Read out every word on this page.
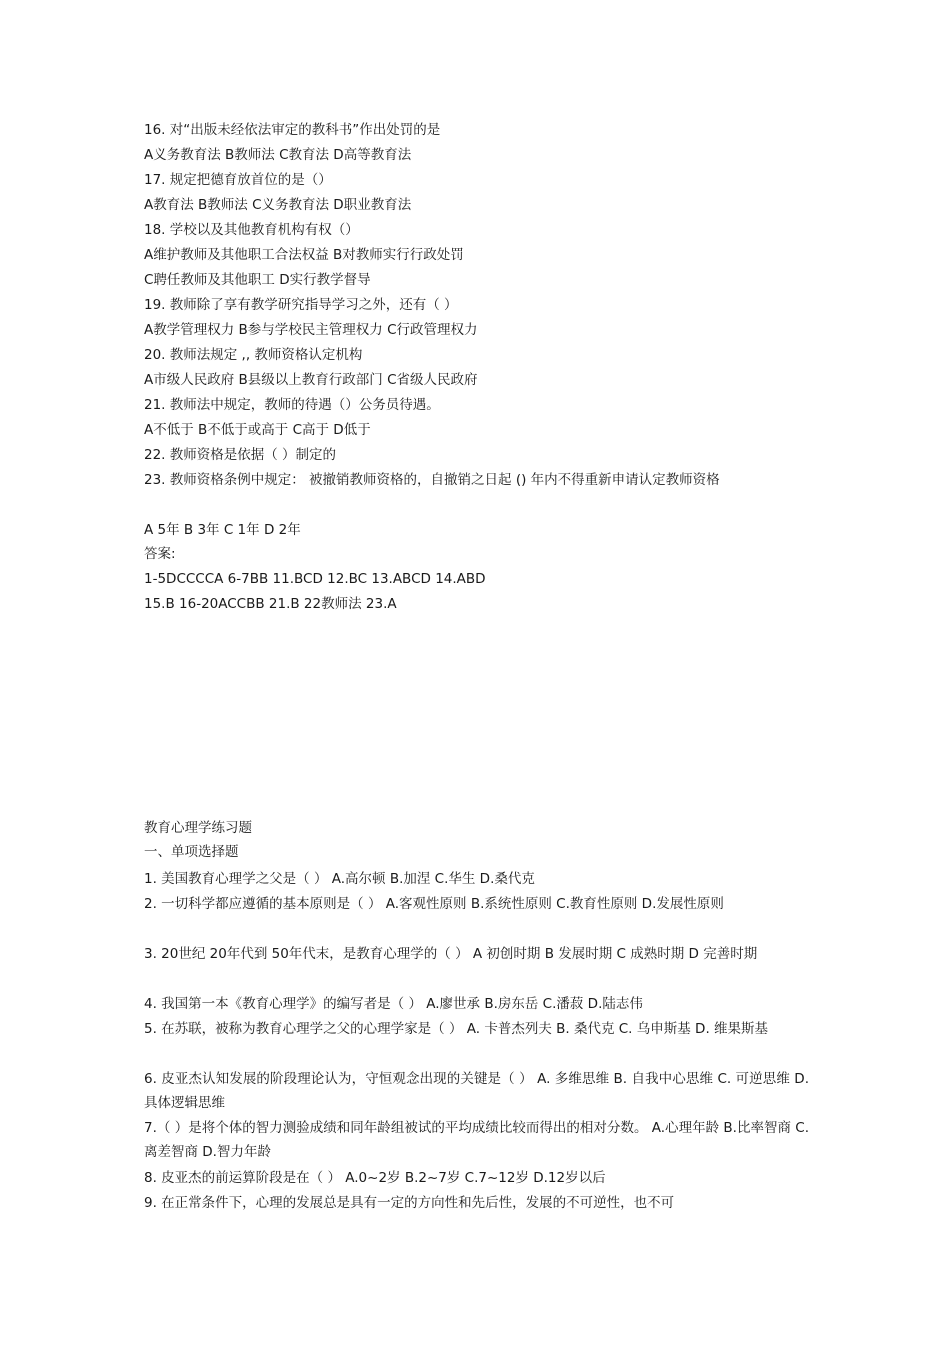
16. 对“出版未经依法审定的教科书”作出处罚的是
A义务教育法 B教师法 C教育法 D高等教育法
17. 规定把德育放首位的是（）
A教育法 B教师法 C义务教育法 D职业教育法
18. 学校以及其他教育机构有权（）
A维护教师及其他职工合法权益 B对教师实行行政处罚
C聘任教师及其他职工 D实行教学督导
19. 教师除了享有教学研究指导学习之外，还有（ ）
A教学管理权力 B参与学校民主管理权力 C行政管理权力
20. 教师法规定 ,, 教师资格认定机构
A市级人民政府 B县级以上教育行政部门 C省级人民政府
21. 教师法中规定，教师的待遇（）公务员待遇。
A不低于 B不低于或高于 C高于 D低于
22. 教师资格是依据（ ）制定的
23. 教师资格条例中规定： 被撤销教师资格的，自撤销之日起 () 年内不得重新申请认定教师资格
A 5年 B 3年 C 1年 D 2年
答案:
1-5DCCCCA 6-7BB 11.BCD 12.BC 13.ABCD 14.ABD
15.B 16-20ACCBB 21.B 22教师法 23.A
教育心理学练习题
一、单项选择题
1. 美国教育心理学之父是（ ） A.高尔顿 B.加涅 C.华生 D.桑代克
2. 一切科学都应遵循的基本原则是（ ） A.客观性原则 B.系统性原则 C.教育性原则 D.发展性原则
3. 20世纪 20年代到 50年代末，是教育心理学的（ ） A 初创时期 B 发展时期 C 成熟时期 D 完善时期
4. 我国第一本《教育心理学》的编写者是（ ） A.廖世承 B.房东岳 C.潘菽 D.陆志伟
5. 在苏联，被称为教育心理学之父的心理学家是（ ） A. 卡普杰列夫 B. 桑代克 C. 乌申斯基 D. 维果斯基
6. 皮亚杰认知发展的阶段理论认为，守恒观念出现的关键是（ ） A. 多维思维 B. 自我中心思维 C. 可逆思维 D. 具体逻辑思维
7.（ ）是将个体的智力测验成绩和同年龄组被试的平均成绩比较而得出的相对分数。 A.心理年龄 B.比率智商 C.离差智商 D.智力年龄
8. 皮亚杰的前运算阶段是在（ ） A.0~2岁 B.2~7岁 C.7~12岁 D.12岁以后
9. 在正常条件下，心理的发展总是具有一定的方向性和先后性，发展的不可逆性，也不可
